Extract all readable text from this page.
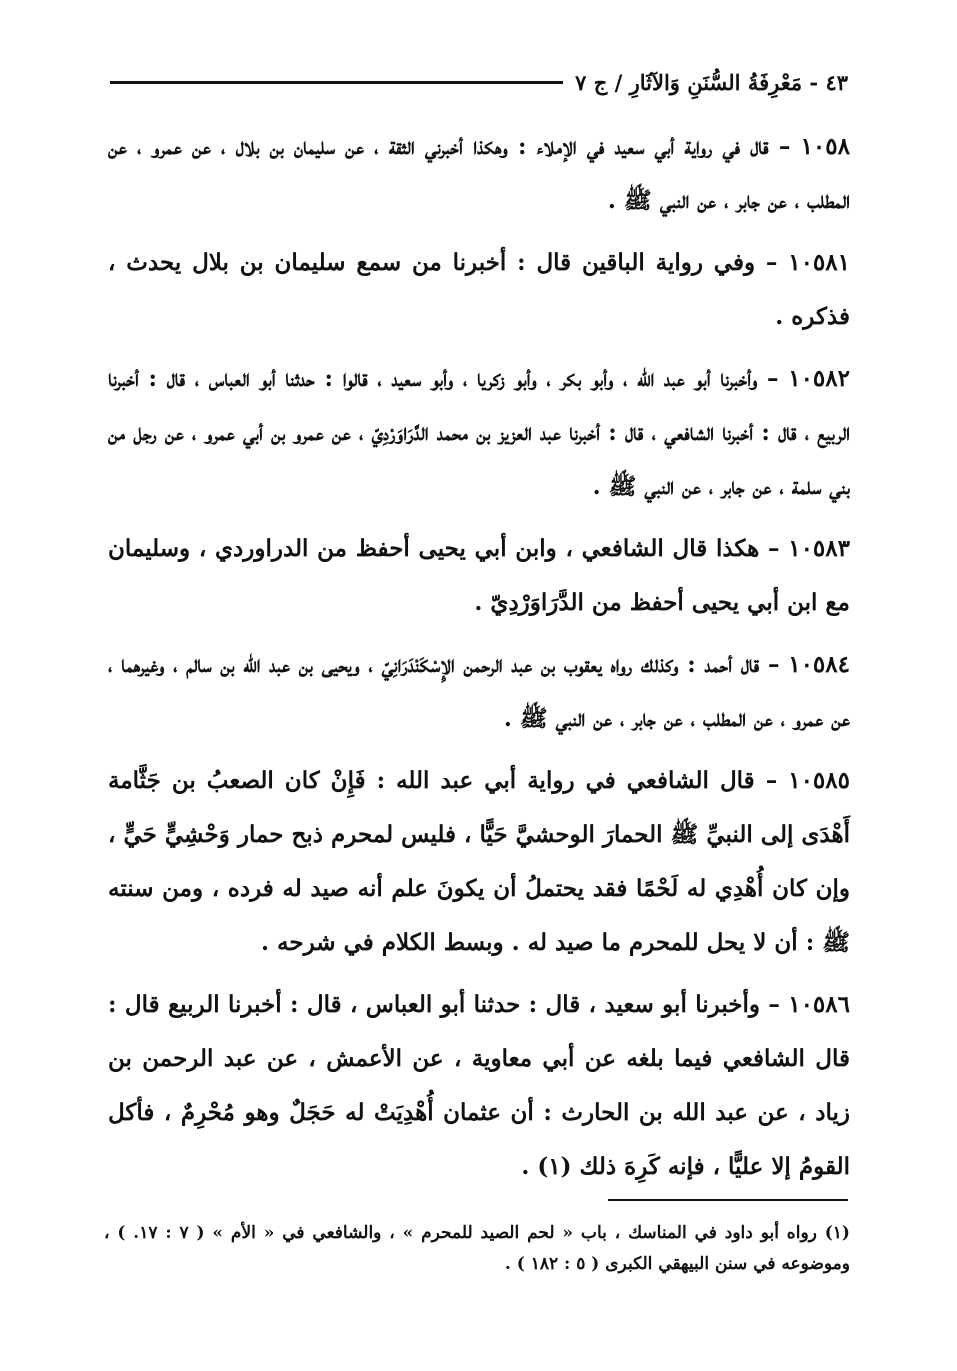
٤٣ - مَعْرِفَةُ السُّنَنِ وَالآثَارِ / ج ٧

١٠٥٨ – قال في رواية أبي سعيد في الإملاء : وهكذا أخبرني الثقة ، عن سليمان بن بلال ، عن عمرو ، عن المطلب ، عن جابر ، عن النبي ﷺ .

١٠٥٨١ – وفي رواية الباقين قال : أخبرنا من سمع سليمان بن بلال يحدث ، فذكره .

١٠٥٨٢ – وأخبرنا أبو عبد الله ، وأبو بكر ، وأبو زكريا ، وأبو سعيد ، قالوا : حدثنا أبو العباس ، قال : أخبرنا الربيع ، قال : أخبرنا الشافعي ، قال : أخبرنا عبد العزيز بن محمد الدَّرَاوَرْدِيّ ، عن عمرو بن أبي عمرو ، عن رجل من بني سلمة ، عن جابر ، عن النبي ﷺ .

١٠٥٨٣ – هكذا قال الشافعي ، وابن أبي يحيى أحفظ من الدراوردي ، وسليمان مع ابن أبي يحيى أحفظ من الدَّرَاوَرْدِيّ .

١٠٥٨٤ – قال أحمد : وكذلك رواه يعقوب بن عبد الرحمن الإِسْكَنْدَرَانِيّ ، ويحيى بن عبد الله بن سالم ، وغيرهما ، عن عمرو ، عن المطلب ، عن جابر ، عن النبي ﷺ .

١٠٥٨٥ – قال الشافعي في رواية أبي عبد الله : فَإِنْ كان الصعبُ بن جَثَّامة أَهْدَى إلى النبيِّ ﷺ الحمارَ الوحشيَّ حَيًّا ، فليس لمحرم ذبح حمار وَحْشِيٍّ حَيٍّ ، وإن كان أُهْدِي له لَحْمًا فقد يحتملُ أن يكونَ علم أنه صيد له فرده ، ومن سنته ﷺ : أن لا يحل للمحرم ما صيد له . وبسط الكلام في شرحه .

١٠٥٨٦ – وأخبرنا أبو سعيد ، قال : حدثنا أبو العباس ، قال : أخبرنا الربيع قال : قال الشافعي فيما بلغه عن أبي معاوية ، عن الأعمش ، عن عبد الرحمن بن زياد ، عن عبد الله بن الحارث : أن عثمان أُهْدِيَتْ له حَجَلٌ وهو مُحْرِمٌ ، فأكل القومُ إلا عليًّا ، فإنه كَرِهَ ذلك (١) .

(١) رواه أبو داود في المناسك ، باب « لحم الصيد للمحرم » ، والشافعي في « الأم » ( ٧ : ١٧. ) ، وموضوعه في سنن البيهقي الكبرى ( ٥ : ١٨٢ ) .
